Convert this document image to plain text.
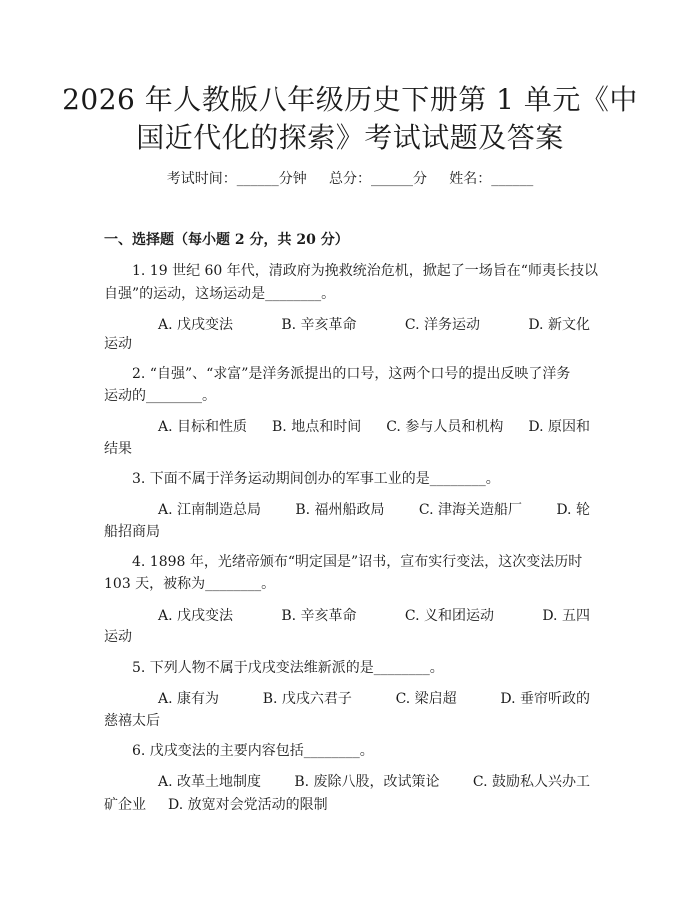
2026 年人教版八年级历史下册第 1 单元《中
国近代化的探索》考试试题及答案
考试时间：______分钟     总分：______分     姓名：______
一、选择题（每小题 2 分，共 20 分）
1. 19 世纪 60 年代，清政府为挽救统治危机，掀起了一场旨在“师夷长技以
自强”的运动，这场运动是________。
A. 戊戌变法	B. 辛亥革命	C. 洋务运动	D. 新文化
运动
2. “自强”、“求富”是洋务派提出的口号，这两个口号的提出反映了洋务
运动的________。
A. 目标和性质 B. 地点和时间 C. 参与人员和机构 D. 原因和
结果
3. 下面不属于洋务运动期间创办的军事工业的是________。
A. 江南制造总局 B. 福州船政局 C. 津海关造船厂 D. 轮
船招商局
4. 1898 年，光绪帝颁布“明定国是”诏书，宣布实行变法，这次变法历时
103 天，被称为________。
A. 戊戌变法	B. 辛亥革命	C. 义和团运动	D. 五四
运动
5. 下列人物不属于戊戌变法维新派的是________。
A. 康有为	B. 戊戌六君子	C. 梁启超	D. 垂帘听政的
慈禧太后
6. 戊戌变法的主要内容包括________。
A. 改革土地制度 B. 废除八股，改试策论 C. 鼓励私人兴办工
矿企业 D. 放宽对会党活动的限制
